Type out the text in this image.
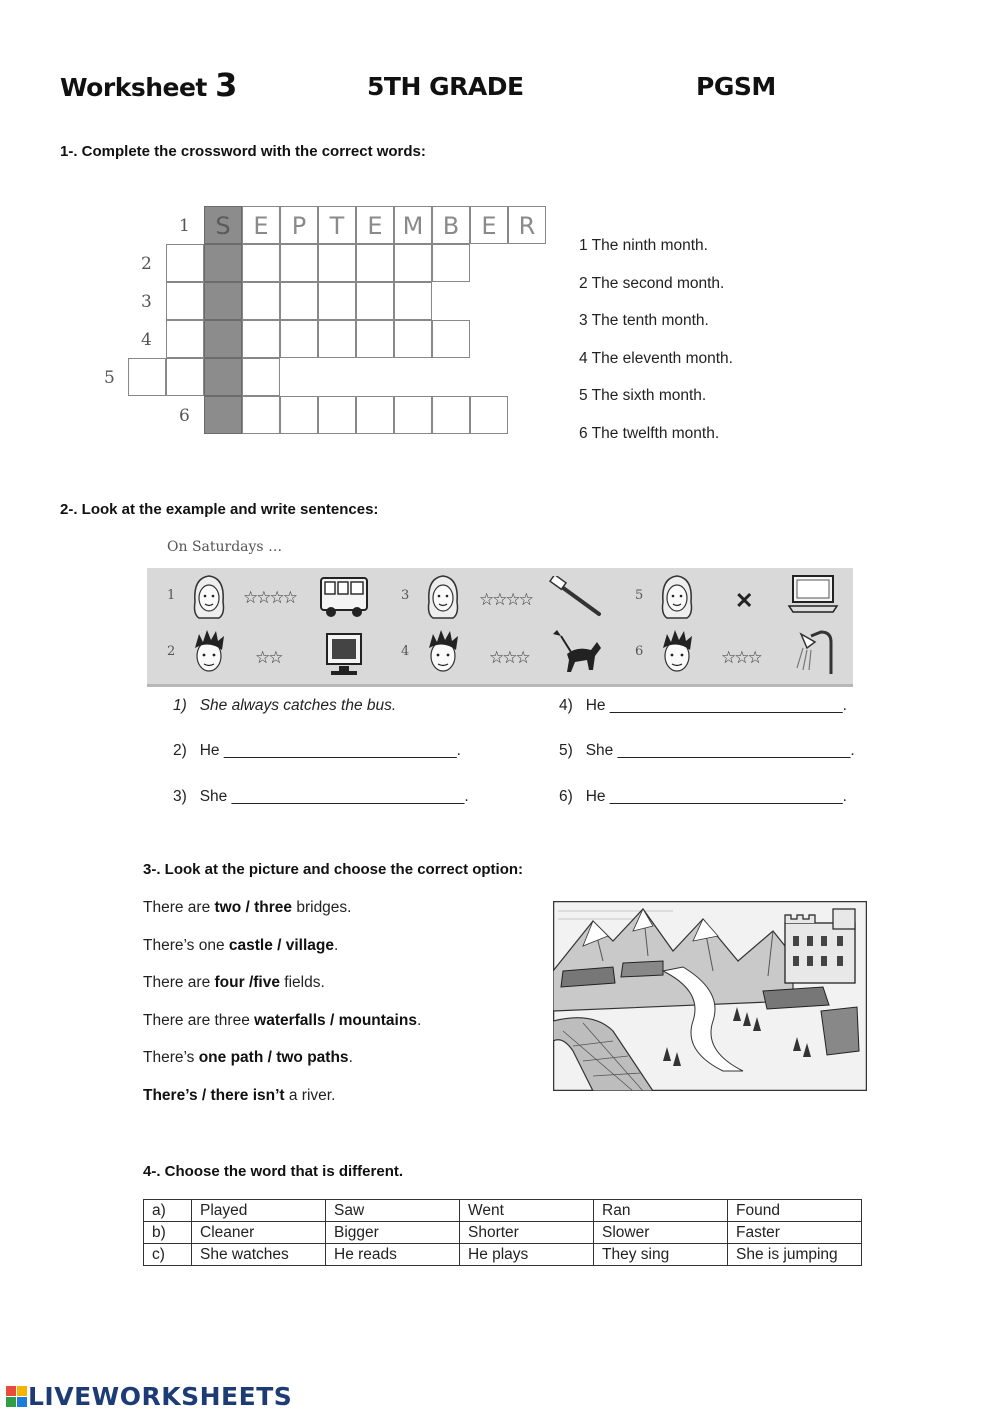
Worksheet 3	5TH GRADE	PGSM
1-. Complete the crossword with the correct words:
1
2
3
4
5
6
S E P T E M B E R
1 The ninth month.
2 The second month.
3 The tenth month.
4 The eleventh month.
5 The sixth month.
6 The twelfth month.
2-. Look at the example and write sentences:
On Saturdays …
1
2
3
4
5
6
☆☆☆☆
☆☆
☆☆☆☆
☆☆☆
✕
☆☆☆
1) She always catches the bus.
2) He ___________________________.
3) She ___________________________.
4) He ___________________________.
5) She ___________________________.
6) He ___________________________.
3-. Look at the picture and choose the correct option:
There are two / three bridges.
There’s one castle / village.
There are four /five fields.
There are three waterfalls / mountains.
There’s one path / two paths.
There’s / there isn’t a river.
4-. Choose the word that is different.
a)	Played	Saw	Went	Ran	Found
b)	Cleaner	Bigger	Shorter	Slower	Faster
c)	She watches	He reads	He plays	They sing	She is jumping
LIVEWORKSHEETS
